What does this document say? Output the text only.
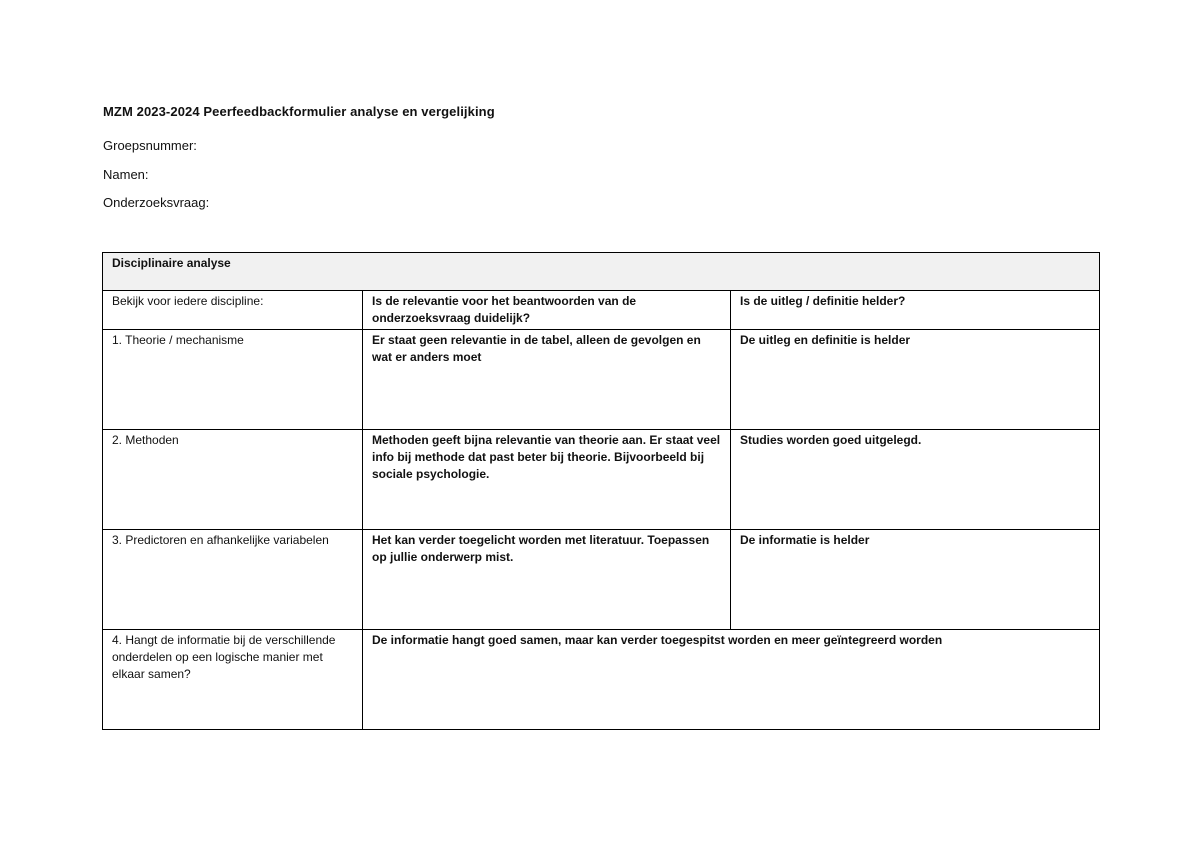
MZM 2023-2024 Peerfeedbackformulier analyse en vergelijking
Groepsnummer:
Namen:
Onderzoeksvraag:
Disciplinaire analyse		
Bekijk voor iedere discipline:	Is de relevantie voor het beantwoorden van de onderzoeksvraag duidelijk?	Is de uitleg / definitie helder?
1. Theorie / mechanisme	Er staat geen relevantie in de tabel, alleen de gevolgen en wat er anders moet	De uitleg en definitie is helder
2. Methoden	Methoden geeft bijna relevantie van theorie aan. Er staat veel info bij methode dat past beter bij theorie. Bijvoorbeeld bij sociale psychologie.	Studies worden goed uitgelegd.
3. Predictoren en afhankelijke variabelen	Het kan verder toegelicht worden met literatuur. Toepassen op jullie onderwerp mist.	De informatie is helder
4. Hangt de informatie bij de verschillende onderdelen op een logische manier met elkaar samen?	De informatie hangt goed samen, maar kan verder toegespitst worden en meer geïntegreerd worden	
